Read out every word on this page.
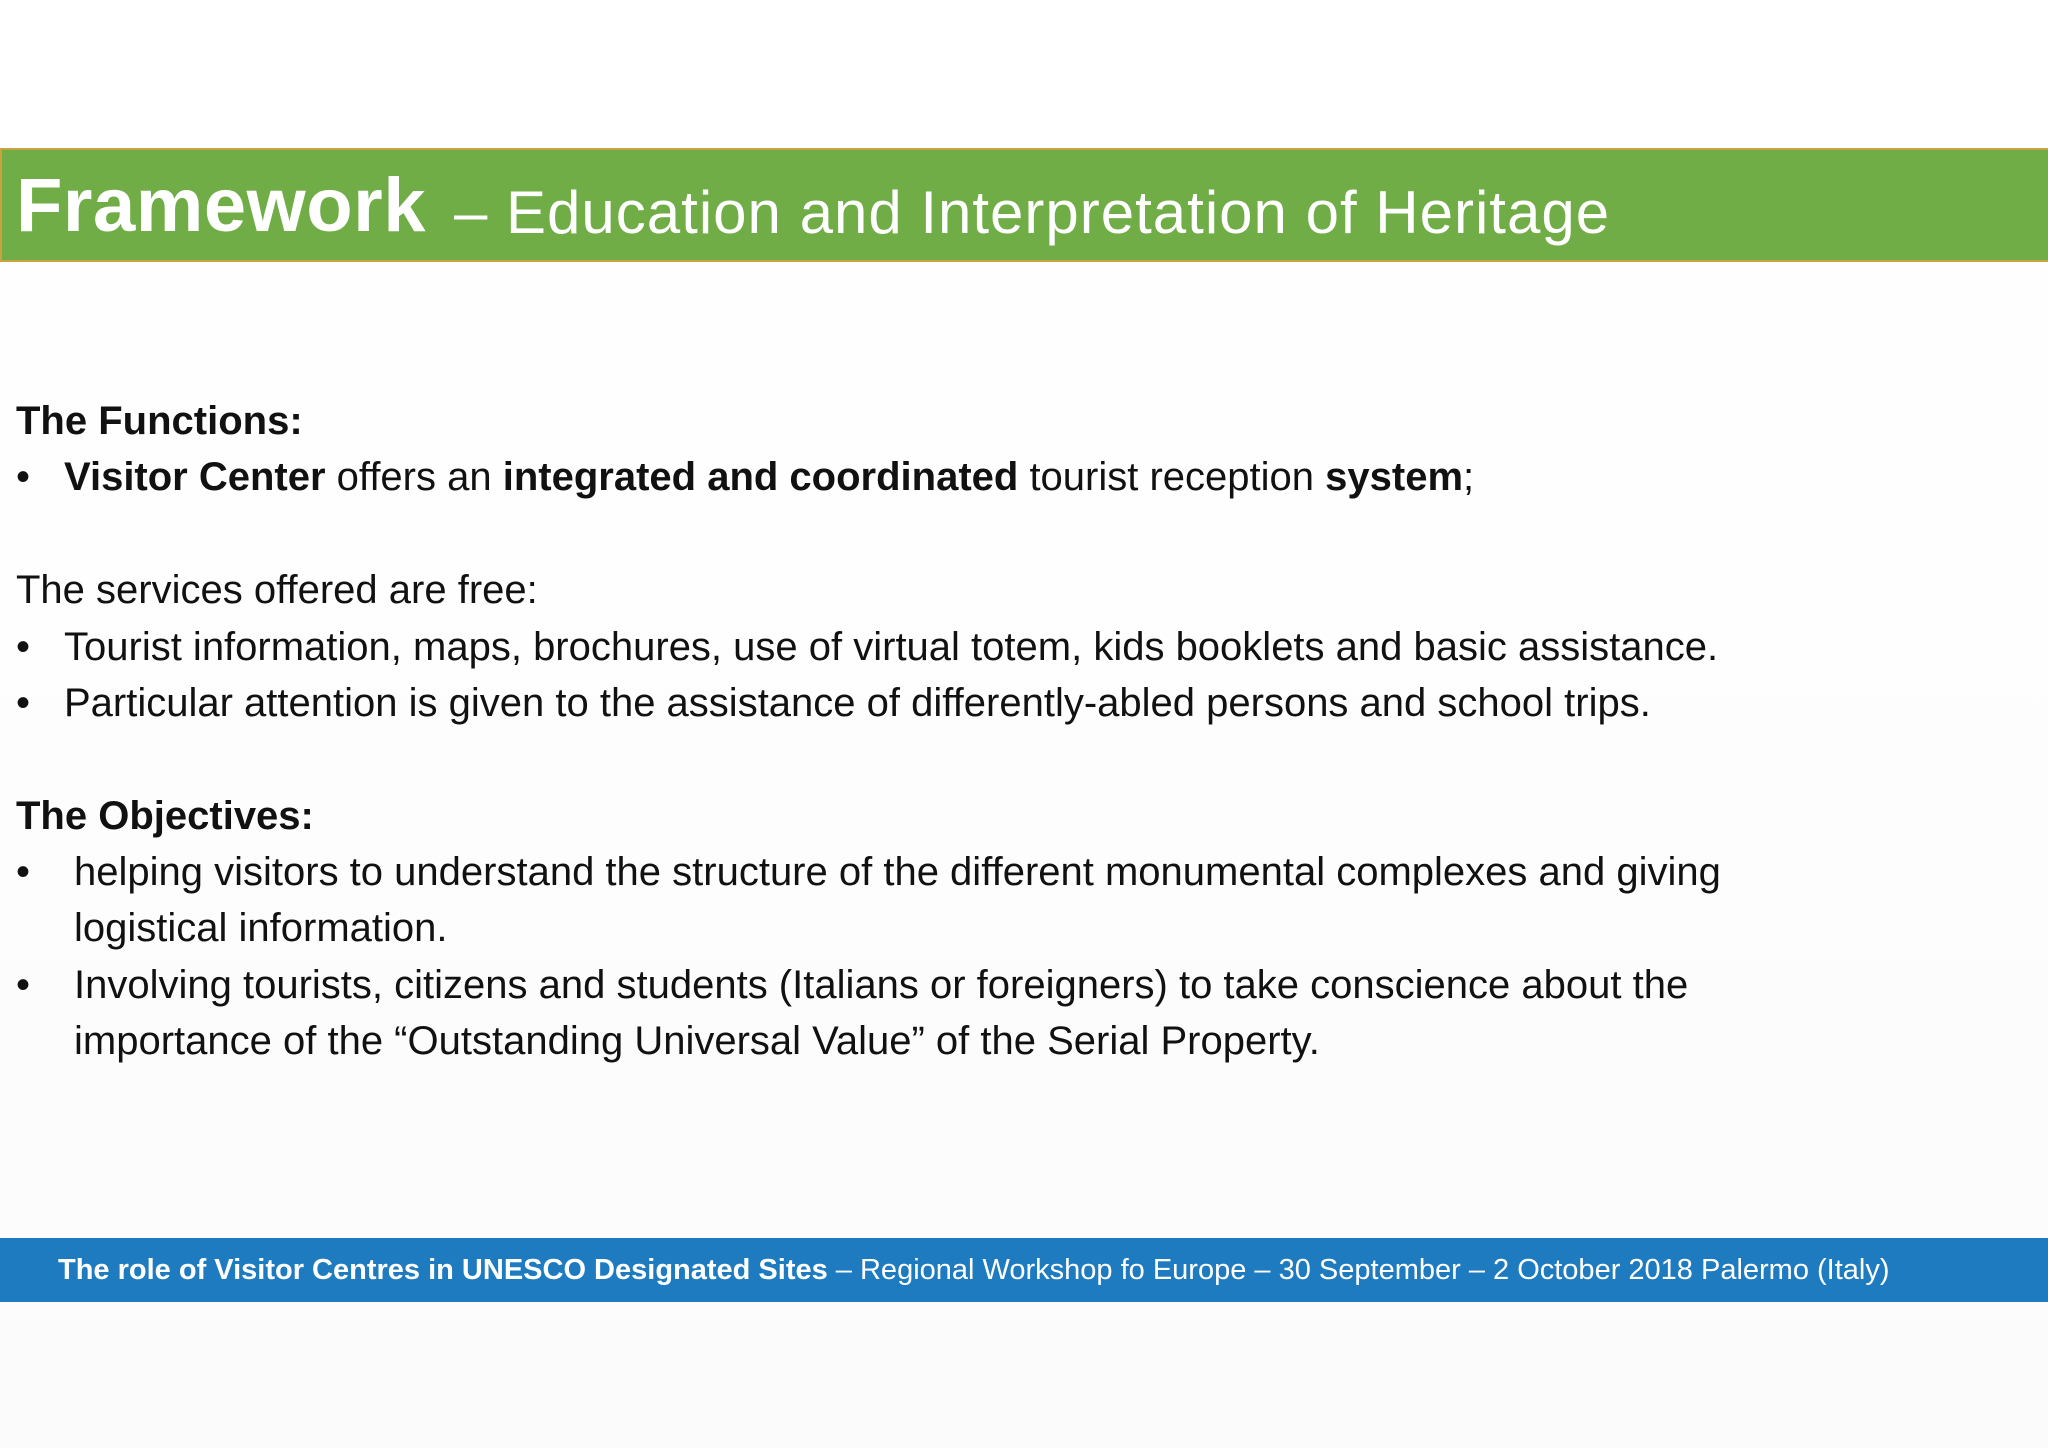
Framework – Education and Interpretation of Heritage
The Functions:
• Visitor Center offers an integrated and coordinated tourist reception system;
The services offered are free:
• Tourist information, maps, brochures, use of virtual totem, kids booklets and basic assistance.
• Particular attention is given to the assistance of differently-abled persons and school trips.
The Objectives:
• helping visitors to understand the structure of the different monumental complexes and giving
logistical information.
• Involving tourists, citizens and students (Italians or foreigners) to take conscience about the
importance of the “Outstanding Universal Value” of the Serial Property.
The role of Visitor Centres in UNESCO Designated Sites – Regional Workshop fo Europe – 30 September – 2 October 2018 Palermo (Italy)
